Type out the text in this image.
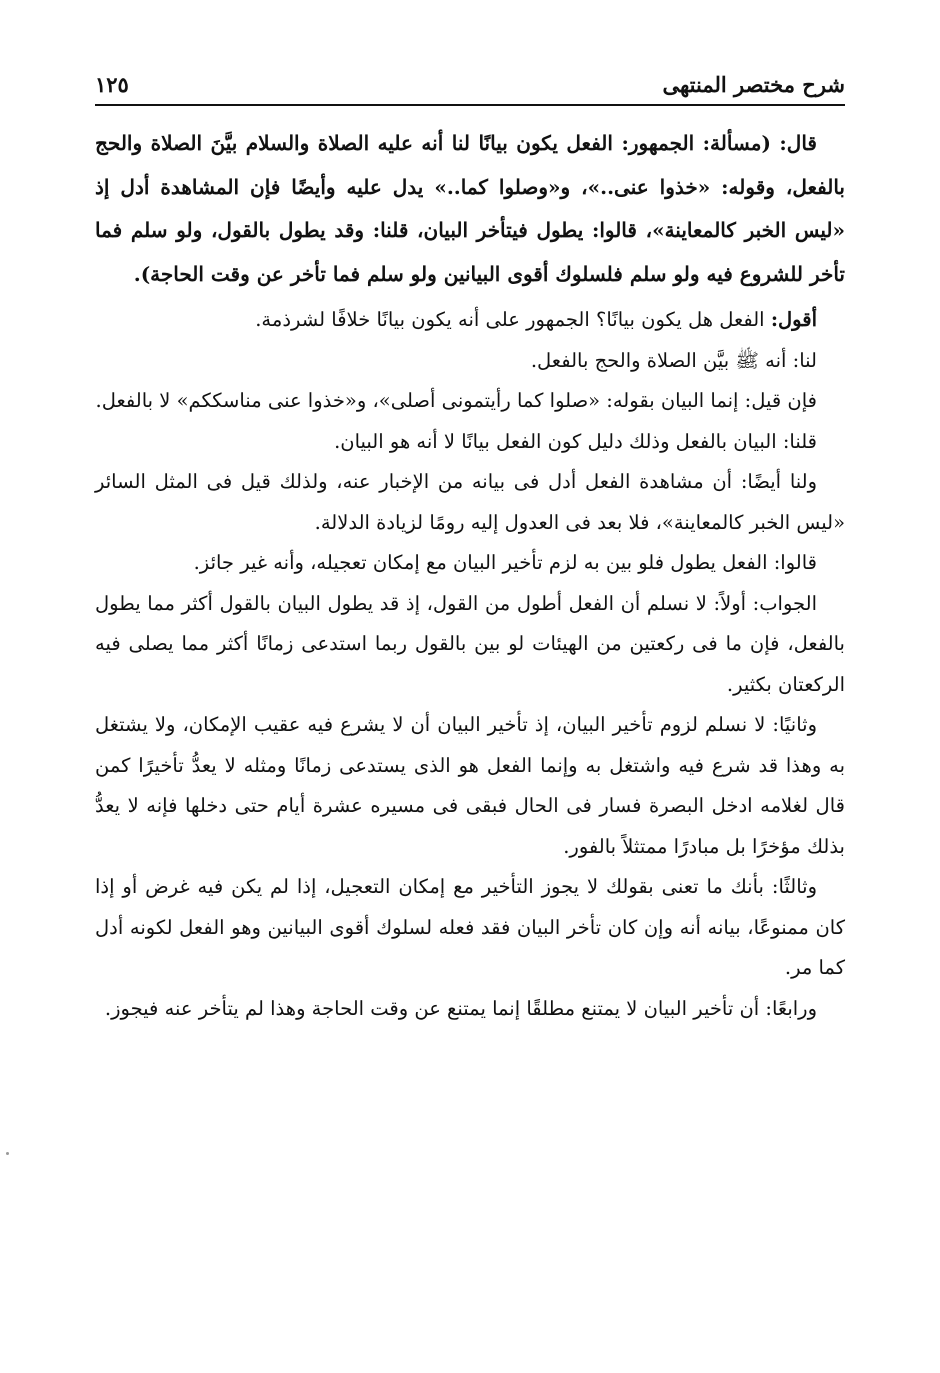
شرح مختصر المنتهى
١٢٥

قال: (مسألة: الجمهور: الفعل يكون بيانًا لنا أنه عليه الصلاة والسلام بيَّنَ الصلاة والحج بالفعل، وقوله: «خذوا عنى..»، و«وصلوا كما..» يدل عليه وأيضًا فإن المشاهدة أدل إذ «ليس الخبر كالمعاينة»، قالوا: يطول فيتأخر البيان، قلنا: وقد يطول بالقول، ولو سلم فما تأخر للشروع فيه ولو سلم فلسلوك أقوى البيانين ولو سلم فما تأخر عن وقت الحاجة).

أقول: الفعل هل يكون بيانًا؟ الجمهور على أنه يكون بيانًا خلافًا لشرذمة.

لنا: أنه ﷺ بيَّن الصلاة والحج بالفعل.

فإن قيل: إنما البيان بقوله: «صلوا كما رأيتمونى أصلى»، و«خذوا عنى مناسككم» لا بالفعل.

قلنا: البيان بالفعل وذلك دليل كون الفعل بيانًا لا أنه هو البيان.

ولنا أيضًا: أن مشاهدة الفعل أدل فى بيانه من الإخبار عنه، ولذلك قيل فى المثل السائر «ليس الخبر كالمعاينة»، فلا بعد فى العدول إليه رومًا لزيادة الدلالة.

قالوا: الفعل يطول فلو بين به لزم تأخير البيان مع إمكان تعجيله، وأنه غير جائز.

الجواب: أولاً: لا نسلم أن الفعل أطول من القول، إذ قد يطول البيان بالقول أكثر مما يطول بالفعل، فإن ما فى ركعتين من الهيئات لو بين بالقول ربما استدعى زمانًا أكثر مما يصلى فيه الركعتان بكثير.

وثانيًا: لا نسلم لزوم تأخير البيان، إذ تأخير البيان أن لا يشرع فيه عقيب الإمكان، ولا يشتغل به وهذا قد شرع فيه واشتغل به وإنما الفعل هو الذى يستدعى زمانًا ومثله لا يعدُّ تأخيرًا كمن قال لغلامه ادخل البصرة فسار فى الحال فبقى فى مسيره عشرة أيام حتى دخلها فإنه لا يعدُّ بذلك مؤخرًا بل مبادرًا ممتثلاً بالفور.

وثالثًا: بأنك ما تعنى بقولك لا يجوز التأخير مع إمكان التعجيل، إذا لم يكن فيه غرض أو إذا كان ممنوعًا، بيانه أنه وإن كان تأخر البيان فقد فعله لسلوك أقوى البيانين وهو الفعل لكونه أدل كما مر.

ورابعًا: أن تأخير البيان لا يمتنع مطلقًا إنما يمتنع عن وقت الحاجة وهذا لم يتأخر عنه فيجوز.
